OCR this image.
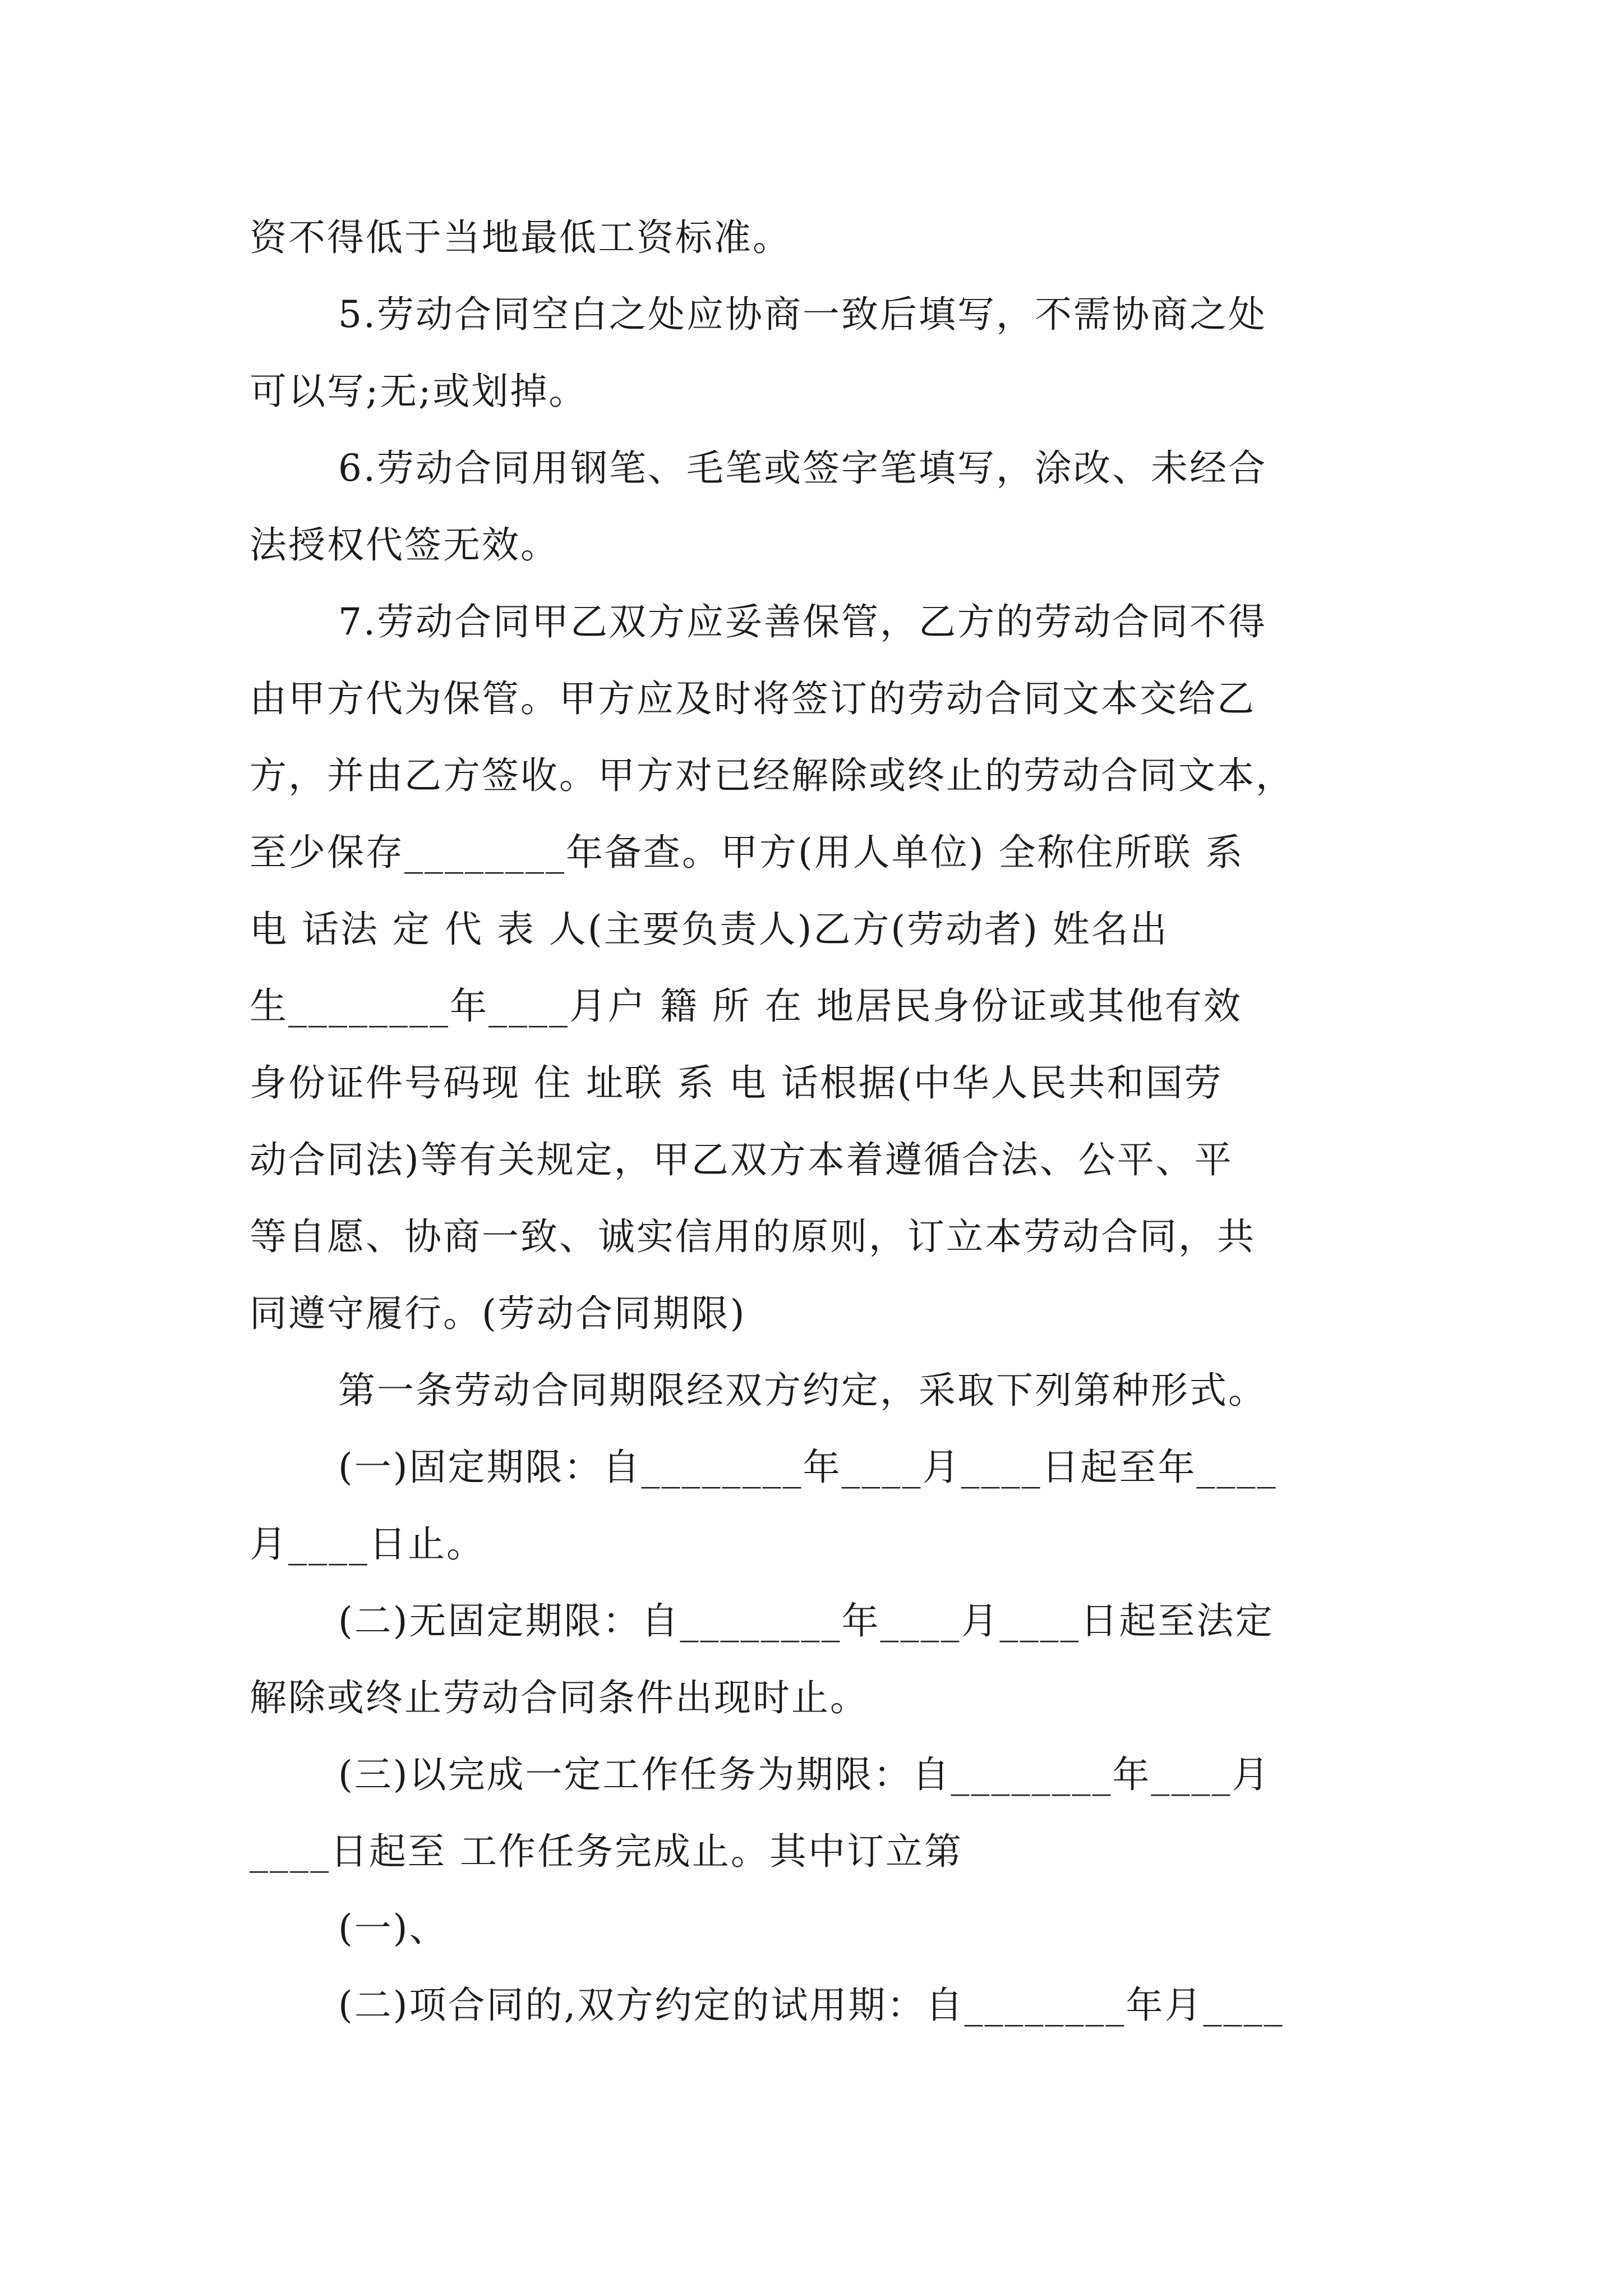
资不得低于当地最低工资标准。
5.劳动合同空白之处应协商一致后填写，不需协商之处
可以写;无;或划掉。
6.劳动合同用钢笔、毛笔或签字笔填写，涂改、未经合
法授权代签无效。
7.劳动合同甲乙双方应妥善保管，乙方的劳动合同不得
由甲方代为保管。甲方应及时将签订的劳动合同文本交给乙
方，并由乙方签收。甲方对已经解除或终止的劳动合同文本，
至少保存________年备查。甲方(用人单位) 全称住所联 系
电 话法 定 代 表 人(主要负责人)乙方(劳动者) 姓名出
生________年____月户 籍 所 在 地居民身份证或其他有效
身份证件号码现 住 址联 系 电 话根据(中华人民共和国劳
动合同法)等有关规定，甲乙双方本着遵循合法、公平、平
等自愿、协商一致、诚实信用的原则，订立本劳动合同，共
同遵守履行。(劳动合同期限)
第一条劳动合同期限经双方约定，采取下列第种形式。
(一)固定期限：自________年____月____日起至年____
月____日止。
(二)无固定期限：自________年____月____日起至法定
解除或终止劳动合同条件出现时止。
(三)以完成一定工作任务为期限：自________年____月
____日起至 工作任务完成止。其中订立第
(一)、
(二)项合同的,双方约定的试用期：自________年月____
